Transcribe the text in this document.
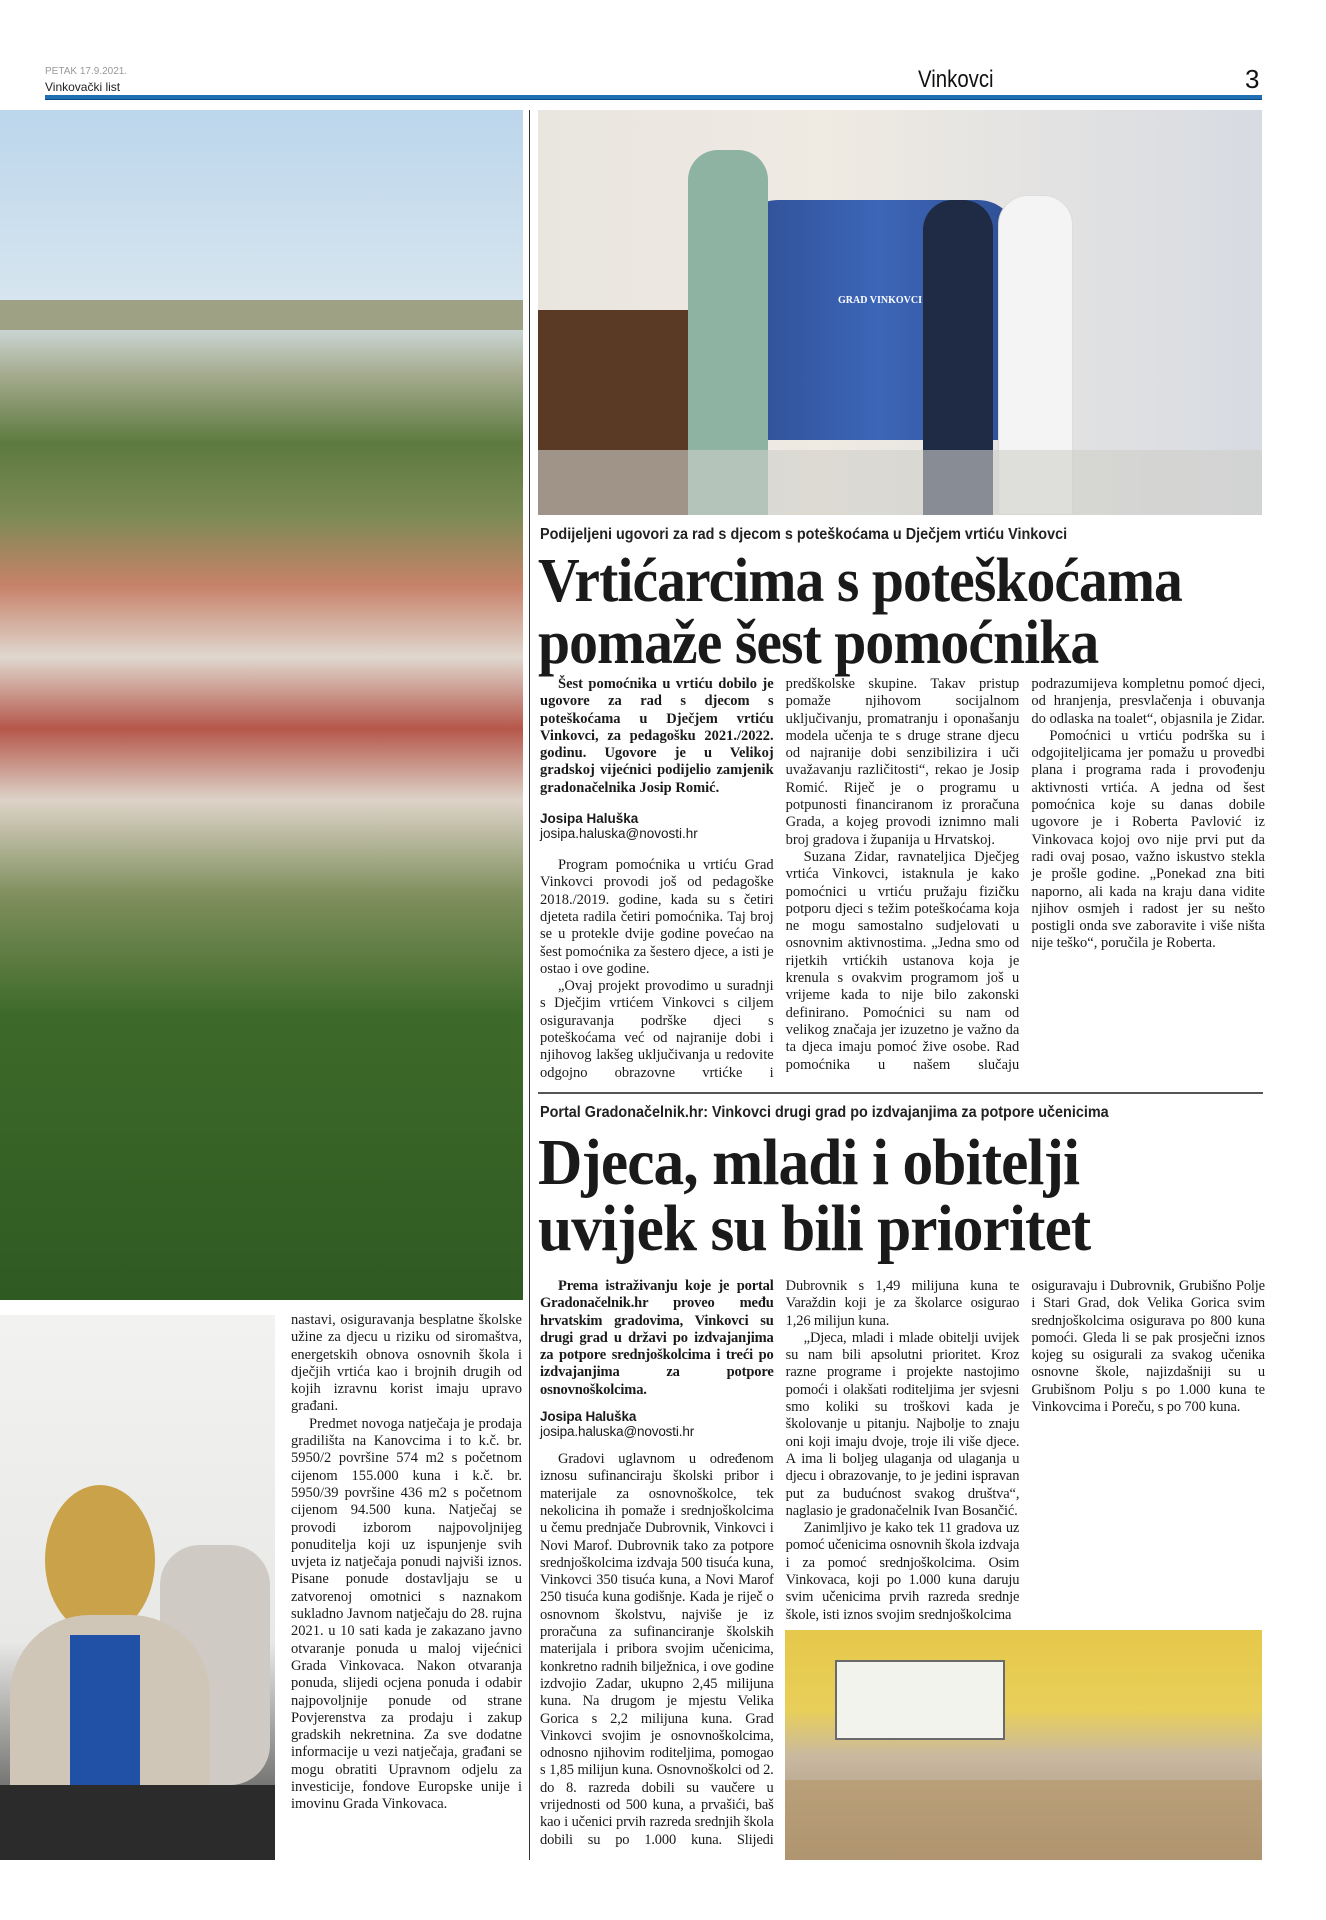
PETAK 17.9.2021.
Vinkovački list	Vinkovci	3
GRAD VINKOVCI
Podijeljeni ugovori za rad s djecom s poteškoćama u Dječjem vrtiću Vinkovci
Vrtićarcima s poteškoćama
pomaže šest pomoćnika

Šest pomoćnika u vrtiću dobilo je ugovore za rad s djecom s poteškoćama u Dječjem vrtiću Vinkovci, za pedagošku 2021./2022. godinu. Ugovore je u Velikoj gradskoj vijećnici podijelio zamjenik gradonačelnika Josip Romić.

Josipa Haluška
josipa.haluska@novosti.hr

Program pomoćnika u vrtiću Grad Vinkovci provodi još od pedagoške 2018./2019. godine, kada su s četiri djeteta radila četiri pomoćnika. Taj broj se u protekle dvije godine povećao na šest pomoćnika za šestero djece, a isti je ostao i ove godine.

„Ovaj projekt provodimo u suradnji s Dječjim vrtićem Vinkovci s ciljem osiguravanja podrške djeci s poteškoćama već od najranije dobi i njihovog lakšeg uključivanja u redovite odgojno obrazovne vrtićke i predškolske skupine. Takav pristup pomaže njihovom socijalnom uključivanju, promatranju i oponašanju modela učenja te s druge strane djecu od najranije dobi senzibilizira i uči uvažavanju različitosti“, rekao je Josip Romić. Riječ je o programu u potpunosti financiranom iz proračuna Grada, a kojeg provodi iznimno mali broj gradova i županija u Hrvatskoj.

Suzana Zidar, ravnateljica Dječjeg vrtića Vinkovci, istaknula je kako pomoćnici u vrtiću pružaju fizičku potporu djeci s težim poteškoćama koja ne mogu samostalno sudjelovati u osnovnim aktivnostima. „Jedna smo od rijetkih vrtićkih ustanova koja je krenula s ovakvim programom još u vrijeme kada to nije bilo zakonski definirano. Pomoćnici su nam od velikog značaja jer izuzetno je važno da ta djeca imaju pomoć žive osobe. Rad pomoćnika u našem slučaju podrazumijeva kompletnu pomoć djeci, od hranjenja, presvlačenja i obuvanja do odlaska na toalet“, objasnila je Zidar.

Pomoćnici u vrtiću podrška su i odgojiteljicama jer pomažu u provedbi plana i programa rada i provođenju aktivnosti vrtića. A jedna od šest pomoćnica koje su danas dobile ugovore je i Roberta Pavlović iz Vinkovaca kojoj ovo nije prvi put da radi ovaj posao, važno iskustvo stekla je prošle godine. „Ponekad zna biti naporno, ali kada na kraju dana vidite njihov osmjeh i radost jer su nešto postigli onda sve zaboravite i više ništa nije teško“, poručila je Roberta.

Portal Gradonačelnik.hr: Vinkovci drugi grad po izdvajanjima za potpore učenicima
Djeca, mladi i obitelji
uvijek su bili prioritet

Prema istraživanju koje je portal Gradonačelnik.hr proveo među hrvatskim gradovima, Vinkovci su drugi grad u državi po izdvajanjima za potpore srednjoškolcima i treći po izdvajanjima za potpore osnovnoškolcima.

Josipa Haluška
josipa.haluska@novosti.hr

Gradovi uglavnom u određenom iznosu sufinanciraju školski pribor i materijale za osnovnoškolce, tek nekolicina ih pomaže i srednjoškolcima u čemu prednjače Dubrovnik, Vinkovci i Novi Marof. Dubrovnik tako za potpore srednjoškolcima izdvaja 500 tisuća kuna, Vinkovci 350 tisuća kuna, a Novi Marof 250 tisuća kuna godišnje. Kada je riječ o osnovnom školstvu, najviše je iz proračuna za sufinanciranje školskih materijala i pribora svojim učenicima, konkretno radnih bilježnica, i ove godine izdvojio Zadar, ukupno 2,45 milijuna kuna. Na drugom je mjestu Velika Gorica s 2,2 milijuna kuna. Grad Vinkovci svojim je osnovnoškolcima, odnosno njihovim roditeljima, pomogao s 1,85 milijun kuna. Osnovnoškolci od 2. do 8. razreda dobili su vaučere u vrijednosti od 500 kuna, a prvašići, baš kao i učenici prvih razreda srednjih škola dobili su po 1.000 kuna. Slijedi Dubrovnik s 1,49 milijuna kuna te Varaždin koji je za školarce osigurao 1,26 milijun kuna.

„Djeca, mladi i mlade obitelji uvijek su nam bili apsolutni prioritet. Kroz razne programe i projekte nastojimo pomoći i olakšati roditeljima jer svjesni smo koliki su troškovi kada je školovanje u pitanju. Najbolje to znaju oni koji imaju dvoje, troje ili više djece. A ima li boljeg ulaganja od ulaganja u djecu i obrazovanje, to je jedini ispravan put za budućnost svakog društva“, naglasio je gradonačelnik Ivan Bosančić.

Zanimljivo je kako tek 11 gradova uz pomoć učenicima osnovnih škola izdvaja i za pomoć srednjoškolcima. Osim Vinkovaca, koji po 1.000 kuna daruju svim učenicima prvih razreda srednje škole, isti iznos svojim srednjoškolcima
osiguravaju i Dubrovnik, Grubišno Polje i Stari Grad, dok Velika Gorica svim srednjoškolcima osigurava po 800 kuna pomoći. Gleda li se pak prosječni iznos kojeg su osigurali za svakog učenika osnovne škole, najizdašniji su u Grubišnom Polju s po 1.000 kuna te Vinkovcima i Poreču, s po 700 kuna.

nastavi, osiguravanja besplatne školske užine za djecu u riziku od siromaštva, energetskih obnova osnovnih škola i dječjih vrtića kao i brojnih drugih od kojih izravnu korist imaju upravo građani.

Predmet novoga natječaja je prodaja gradilišta na Kanovcima i to k.č. br. 5950/2 površine 574 m2 s početnom cijenom 155.000 kuna i k.č. br. 5950/39 površine 436 m2 s početnom cijenom 94.500 kuna. Natječaj se provodi izborom najpovoljnijeg ponuditelja koji uz ispunjenje svih uvjeta iz natječaja ponudi najviši iznos. Pisane ponude dostavljaju se u zatvorenoj omotnici s naznakom sukladno Javnom natječaju do 28. rujna 2021. u 10 sati kada je zakazano javno otvaranje ponuda u maloj vijećnici Grada Vinkovaca. Nakon otvaranja ponuda, slijedi ocjena ponuda i odabir najpovoljnije ponude od strane Povjerenstva za prodaju i zakup gradskih nekretnina. Za sve dodatne informacije u vezi natječaja, građani se mogu obratiti Upravnom odjelu za investicije, fondove Europske unije i imovinu Grada Vinkovaca.
